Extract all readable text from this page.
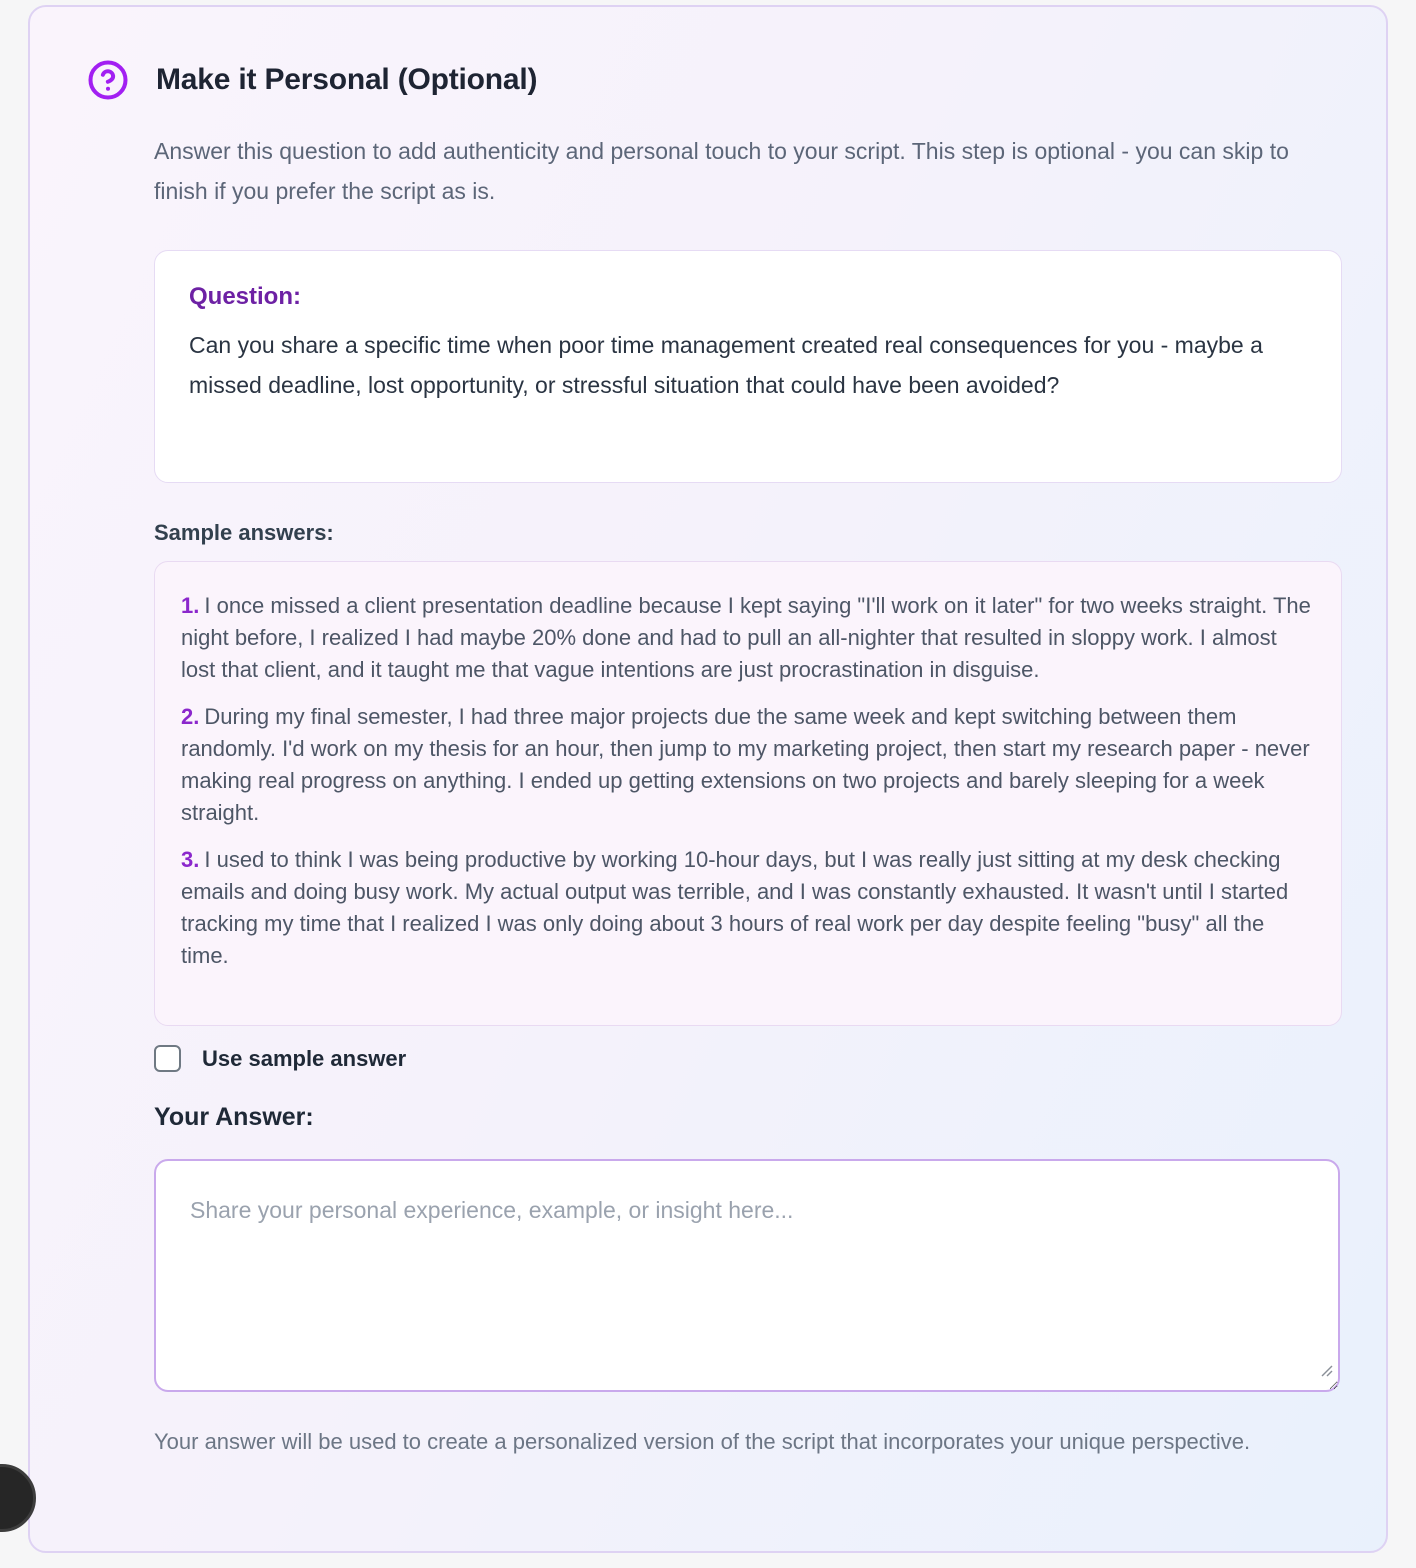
Make it Personal (Optional)

Answer this question to add authenticity and personal touch to your script. This step is optional - you can skip to finish if you prefer the script as is.

Question:
Can you share a specific time when poor time management created real consequences for you - maybe a missed deadline, lost opportunity, or stressful situation that could have been avoided?
Sample answers:

1. I once missed a client presentation deadline because I kept saying "I'll work on it later" for two weeks straight. The night before, I realized I had maybe 20% done and had to pull an all-nighter that resulted in sloppy work. I almost lost that client, and it taught me that vague intentions are just procrastination in disguise.

2. During my final semester, I had three major projects due the same week and kept switching between them randomly. I'd work on my thesis for an hour, then jump to my marketing project, then start my research paper - never making real progress on anything. I ended up getting extensions on two projects and barely sleeping for a week straight.

3. I used to think I was being productive by working 10-hour days, but I was really just sitting at my desk checking emails and doing busy work. My actual output was terrible, and I was constantly exhausted. It wasn't until I started tracking my time that I realized I was only doing about 3 hours of real work per day despite feeling "busy" all the time.

Use sample answer
Your Answer:
Share your personal experience, example, or insight here...

Your answer will be used to create a personalized version of the script that incorporates your unique perspective.
